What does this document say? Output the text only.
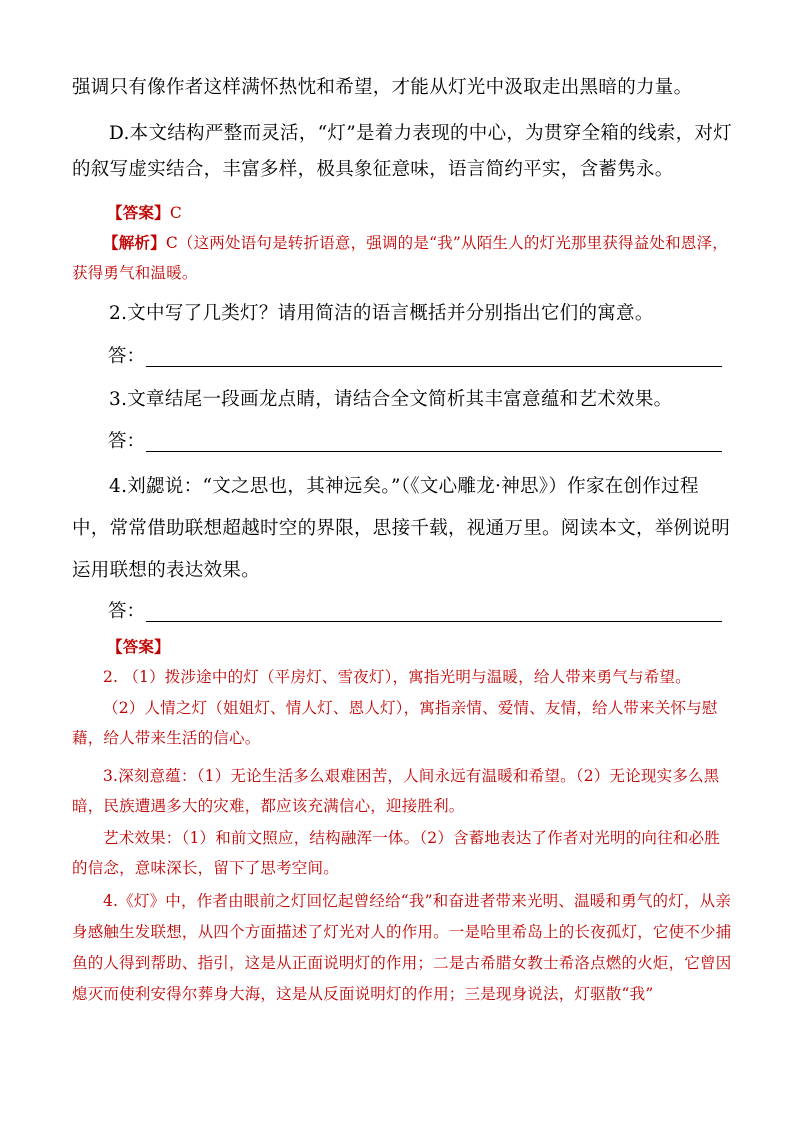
强调只有像作者这样满怀热忱和希望，才能从灯光中汲取走出黑暗的力量。

D.本文结构严整而灵活，“灯”是着力表现的中心，为贯穿全箱的线索，对灯的叙写虚实结合，丰富多样，极具象征意味，语言简约平实，含蓄隽永。

【答案】C

【解析】C（这两处语句是转折语意，强调的是“我”从陌生人的灯光那里获得益处和恩泽，获得勇气和温暖。

2.文中写了几类灯？请用简洁的语言概括并分别指出它们的寓意。

答：

3.文章结尾一段画龙点睛，请结合全文简析其丰富意蕴和艺术效果。

答：

4.刘勰说：“文之思也，其神远矣。”（《文心雕龙·神思》）作家在创作过程中，常常借助联想超越时空的界限，思接千载，视通万里。阅读本文，举例说明运用联想的表达效果。

答：

【答案】

2. （1）拨涉途中的灯（平房灯、雪夜灯），寓指光明与温暖，给人带来勇气与希望。

（2）人情之灯（姐姐灯、情人灯、恩人灯），寓指亲情、爱情、友情，给人带来关怀与慰藉，给人带来生活的信心。

3.深刻意蕴：（1）无论生活多么艰难困苦，人间永远有温暖和希望。（2）无论现实多么黑暗，民族遭遇多大的灾难，都应该充满信心，迎接胜利。

艺术效果：（1）和前文照应，结构融浑一体。（2）含蓄地表达了作者对光明的向往和必胜的信念，意味深长，留下了思考空间。

4.《灯》中，作者由眼前之灯回忆起曾经给“我”和奋进者带来光明、温暖和勇气的灯，从亲身感触生发联想，从四个方面描述了灯光对人的作用。一是哈里希岛上的长夜孤灯，它使不少捕鱼的人得到帮助、指引，这是从正面说明灯的作用；二是古希腊女教士希洛点燃的火炬，它曾因熄灭而使利安得尔葬身大海，这是从反面说明灯的作用；三是现身说法，灯驱散“我”
